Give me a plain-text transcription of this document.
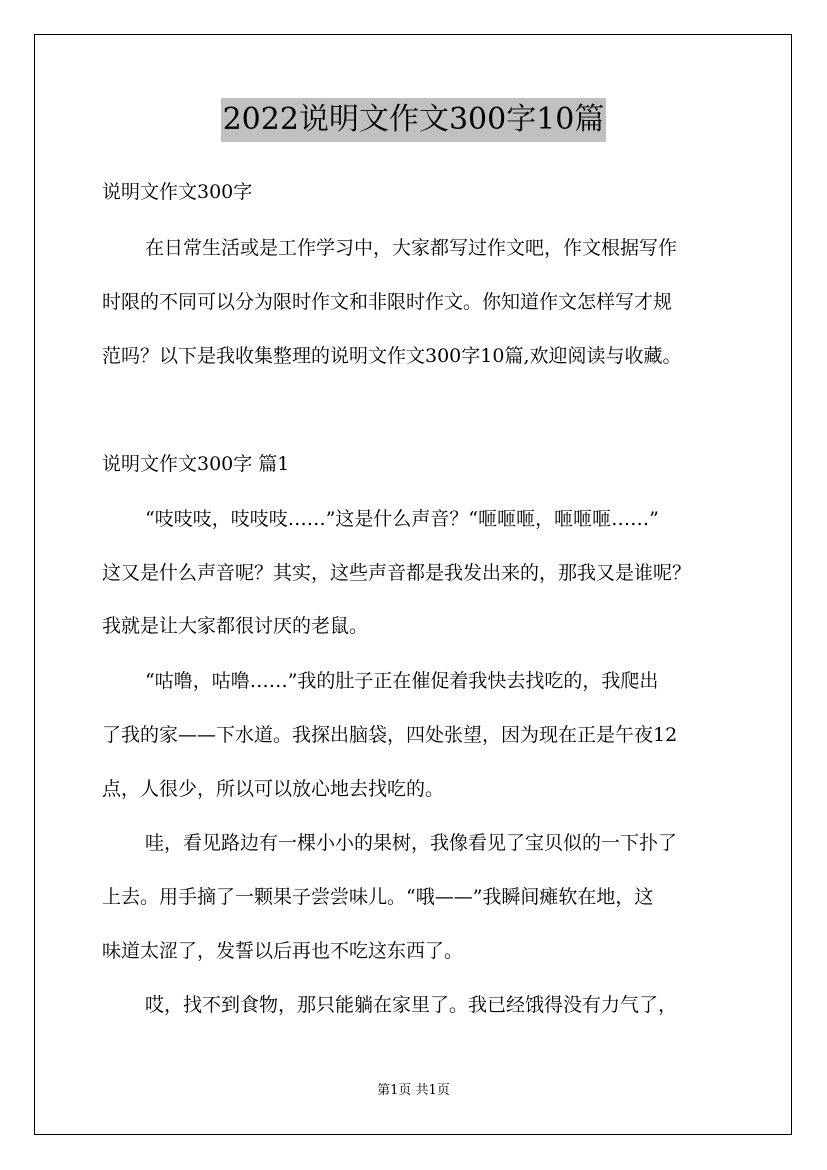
2022说明文作文300字10篇
说明文作文300字
在日常生活或是工作学习中，大家都写过作文吧，作文根据写作
时限的不同可以分为限时作文和非限时作文。你知道作文怎样写才规
范吗？以下是我收集整理的说明文作文300字10篇,欢迎阅读与收藏。
说明文作文300字 篇1
“吱吱吱，吱吱吱……”这是什么声音？“咂咂咂，咂咂咂……”
这又是什么声音呢？其实，这些声音都是我发出来的，那我又是谁呢？
我就是让大家都很讨厌的老鼠。
“咕噜，咕噜……”我的肚子正在催促着我快去找吃的，我爬出
了我的家——下水道。我探出脑袋，四处张望，因为现在正是午夜12
点，人很少，所以可以放心地去找吃的。
哇，看见路边有一棵小小的果树，我像看见了宝贝似的一下扑了
上去。用手摘了一颗果子尝尝味儿。“哦——”我瞬间瘫软在地，这
味道太涩了，发誓以后再也不吃这东西了。
哎，找不到食物，那只能躺在家里了。我已经饿得没有力气了，
第1页 共1页
